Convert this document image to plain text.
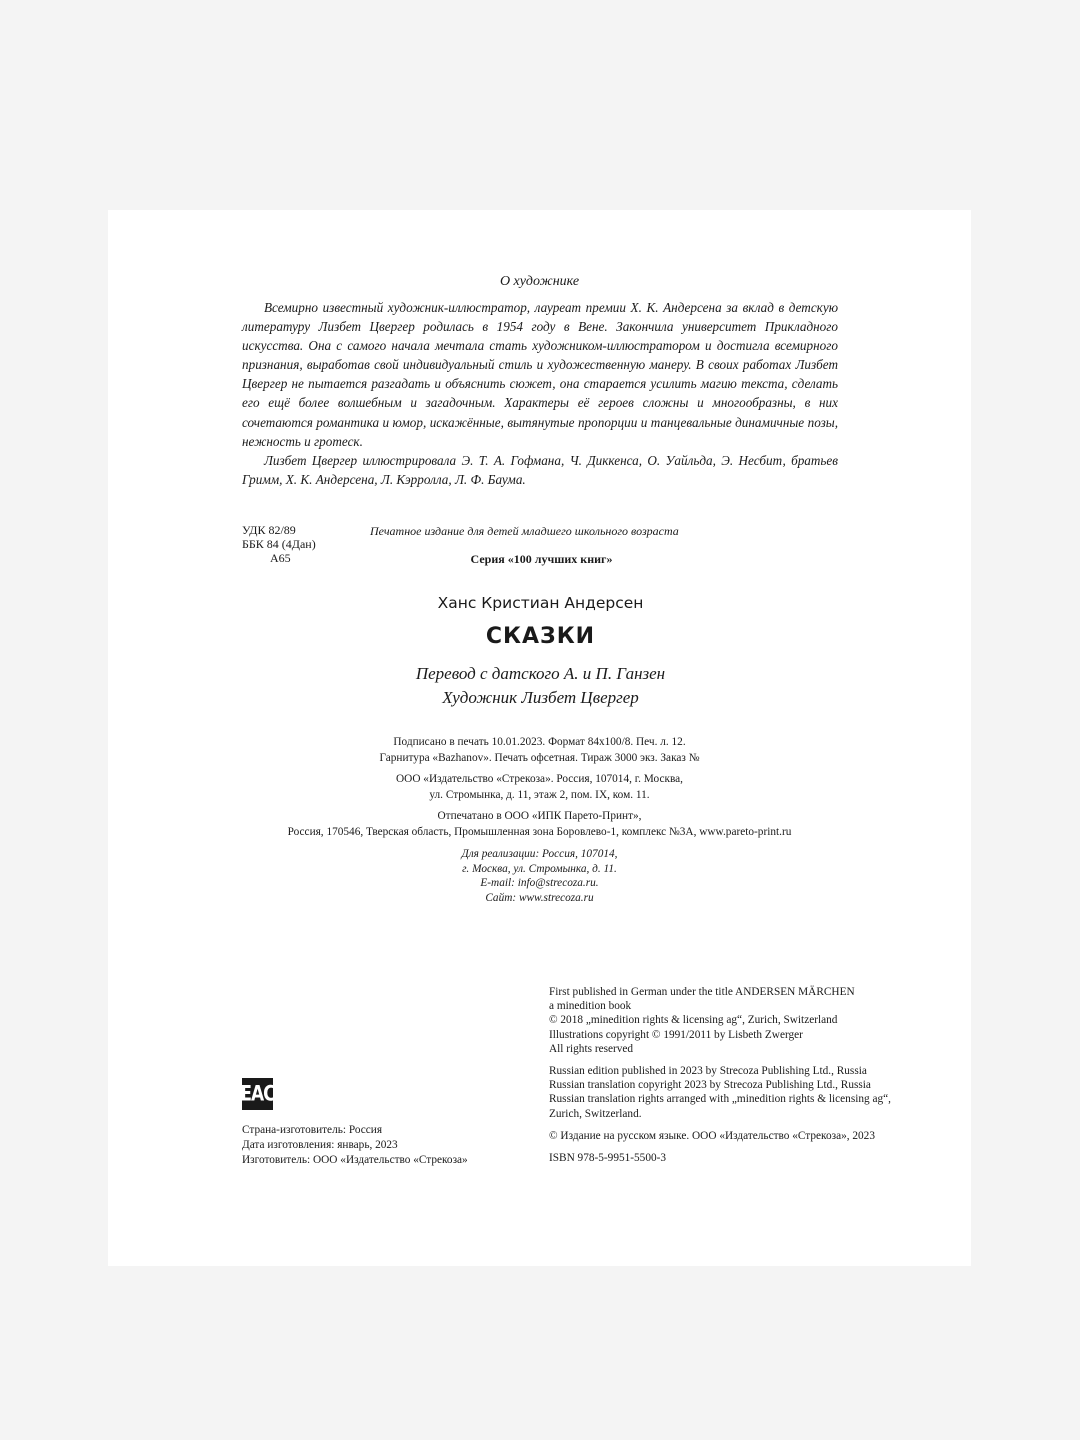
О художнике

Всемирно известный художник-иллюстратор, лауреат премии Х. К. Андерсена за вклад в детскую литературу Лизбет Цвергер родилась в 1954 году в Вене. Закончила университет Прикладного искусства. Она с самого начала мечтала стать художником-иллюстратором и достигла всемирного признания, выработав свой индивидуальный стиль и художественную манеру. В своих работах Лизбет Цвергер не пытается разгадать и объяснить сюжет, она старается усилить магию текста, сделать его ещё более волшебным и загадочным. Характеры её героев сложны и многообразны, в них сочетаются романтика и юмор, искажённые, вытянутые пропорции и танцевальные динамичные позы, нежность и гротеск.

Лизбет Цвергер иллюстрировала Э. Т. А. Гофмана, Ч. Диккенса, О. Уайльда, Э. Несбит, братьев Гримм, Х. К. Андерсена, Л. Кэрролла, Л. Ф. Баума.

УДК 82/89
ББК 84 (4Дан)
А65
Печатное издание для детей младшего школьного возраста
Серия «100 лучших книг»
Ханс Кристиан Андерсен
СКАЗКИ
Перевод с датского А. и П. Ганзен
Художник Лизбет Цвергер
Подписано в печать 10.01.2023. Формат 84х100/8. Печ. л. 12.
Гарнитура «Bazhanov». Печать офсетная. Тираж 3000 экз. Заказ №
ООО «Издательство «Стрекоза». Россия, 107014, г. Москва,
ул. Стромынка, д. 11, этаж 2, пом. IX, ком. 11.
Отпечатано в ООО «ИПК Парето-Принт»,
Россия, 170546, Тверская область, Промышленная зона Боровлево-1, комплекс №3А, www.pareto-print.ru
Для реализации: Россия, 107014,
г. Москва, ул. Стромынка, д. 11.
E-mail: info@strecoza.ru.
Сайт: www.strecoza.ru
First published in German under the title ANDERSEN MÄRCHEN
a minedition book
© 2018 „minedition rights & licensing ag“, Zurich, Switzerland
Illustrations copyright © 1991/2011 by Lisbeth Zwerger
All rights reserved
Russian edition published in 2023 by Strecoza Publishing Ltd., Russia
Russian translation copyright 2023 by Strecoza Publishing Ltd., Russia
Russian translation rights arranged with „minedition rights & licensing ag“,
Zurich, Switzerland.
© Издание на русском языке. ООО «Издательство «Стрекоза», 2023
ISBN 978-5-9951-5500-3
EAC
Страна-изготовитель: Россия
Дата изготовления: январь, 2023
Изготовитель: ООО «Издательство «Стрекоза»
